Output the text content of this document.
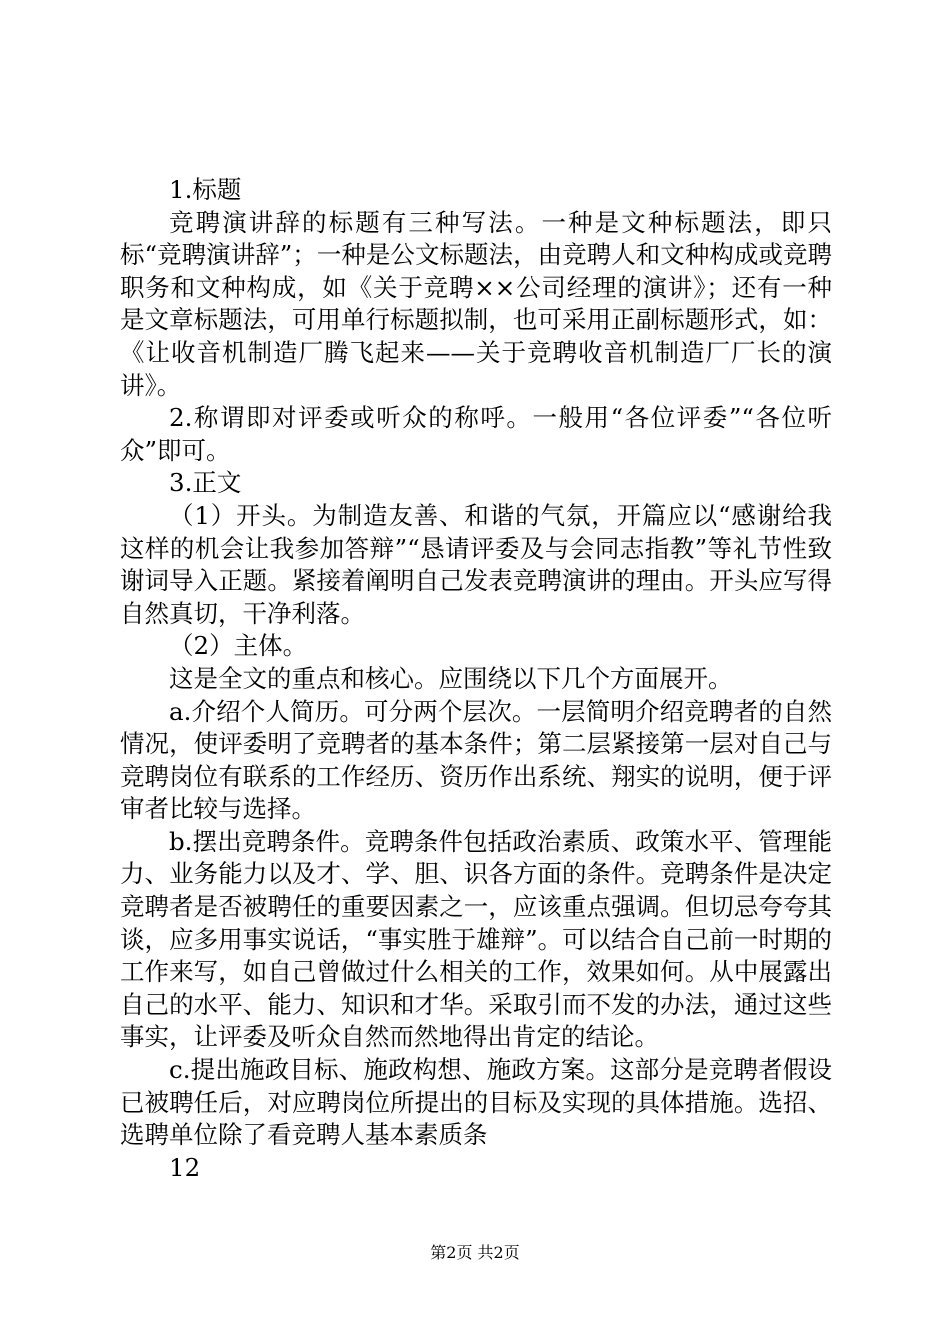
1.标题

竞聘演讲辞的标题有三种写法。一种是文种标题法，即只标“竞聘演讲辞”；一种是公文标题法，由竞聘人和文种构成或竞聘职务和文种构成，如《关于竞聘××公司经理的演讲》；还有一种是文章标题法，可用单行标题拟制，也可采用正副标题形式，如：《让收音机制造厂腾飞起来——关于竞聘收音机制造厂厂长的演讲》。

2.称谓即对评委或听众的称呼。一般用“各位评委”“各位听众”即可。

3.正文

（1）开头。为制造友善、和谐的气氛，开篇应以“感谢给我这样的机会让我参加答辩”“恳请评委及与会同志指教”等礼节性致谢词导入正题。紧接着阐明自己发表竞聘演讲的理由。开头应写得自然真切，干净利落。

（2）主体。

这是全文的重点和核心。应围绕以下几个方面展开。

a.介绍个人简历。可分两个层次。一层简明介绍竞聘者的自然情况，使评委明了竞聘者的基本条件；第二层紧接第一层对自己与竞聘岗位有联系的工作经历、资历作出系统、翔实的说明，便于评审者比较与选择。

b.摆出竞聘条件。竞聘条件包括政治素质、政策水平、管理能力、业务能力以及才、学、胆、识各方面的条件。竞聘条件是决定竞聘者是否被聘任的重要因素之一，应该重点强调。但切忌夸夸其谈，应多用事实说话，“事实胜于雄辩”。可以结合自己前一时期的工作来写，如自己曾做过什么相关的工作，效果如何。从中展露出自己的水平、能力、知识和才华。采取引而不发的办法，通过这些事实，让评委及听众自然而然地得出肯定的结论。

c.提出施政目标、施政构想、施政方案。这部分是竞聘者假设已被聘任后，对应聘岗位所提出的目标及实现的具体措施。选招、选聘单位除了看竞聘人基本素质条

12

第2页 共2页
